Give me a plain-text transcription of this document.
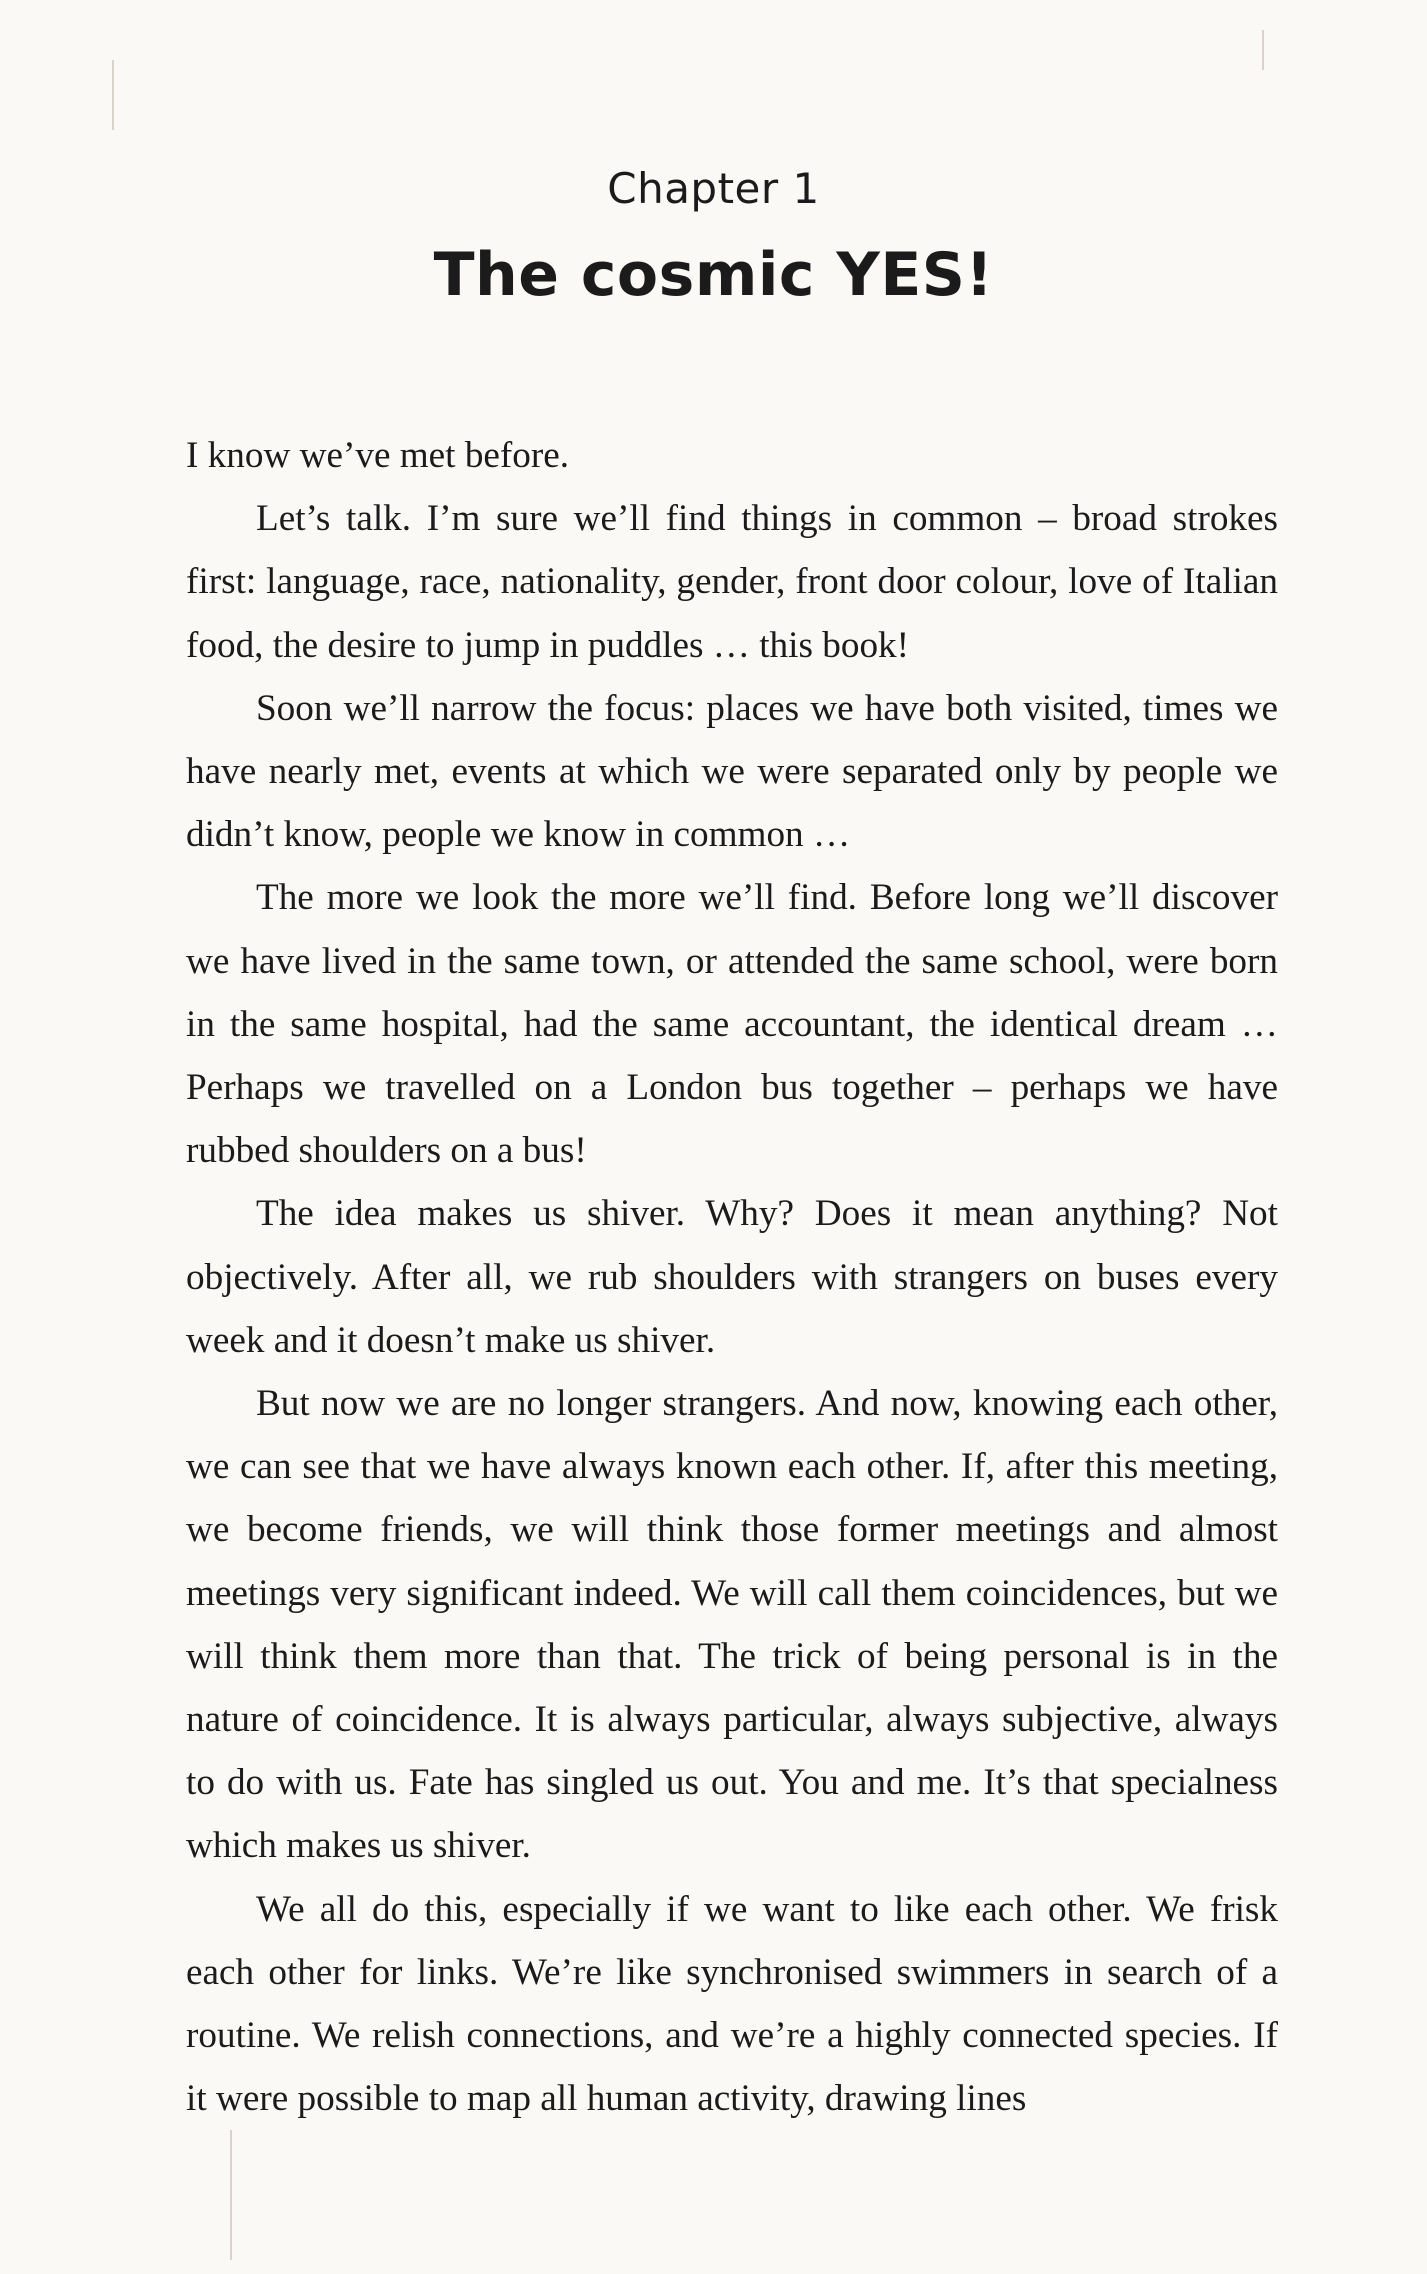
Chapter 1
The cosmic YES!

I know we’ve met before.

Let’s talk. I’m sure we’ll find things in common – broad strokes first: language, race, nationality, gender, front door colour, love of Italian food, the desire to jump in puddles … this book!

Soon we’ll narrow the focus: places we have both visited, times we have nearly met, events at which we were separated only by people we didn’t know, people we know in common …

The more we look the more we’ll find. Before long we’ll discover we have lived in the same town, or attended the same school, were born in the same hospital, had the same accountant, the identical dream … Perhaps we travelled on a London bus together – perhaps we have rubbed shoulders on a bus!

The idea makes us shiver. Why? Does it mean anything? Not objectively. After all, we rub shoulders with strangers on buses every week and it doesn’t make us shiver.

But now we are no longer strangers. And now, knowing each other, we can see that we have always known each other. If, after this meeting, we become friends, we will think those former meetings and almost meetings very significant indeed. We will call them coincidences, but we will think them more than that. The trick of being personal is in the nature of coincidence. It is always particular, always subjective, always to do with us. Fate has singled us out. You and me. It’s that specialness which makes us shiver.

We all do this, especially if we want to like each other. We frisk each other for links. We’re like synchronised swimmers in search of a routine. We relish connections, and we’re a highly connected species. If it were possible to map all human activity, drawing lines
